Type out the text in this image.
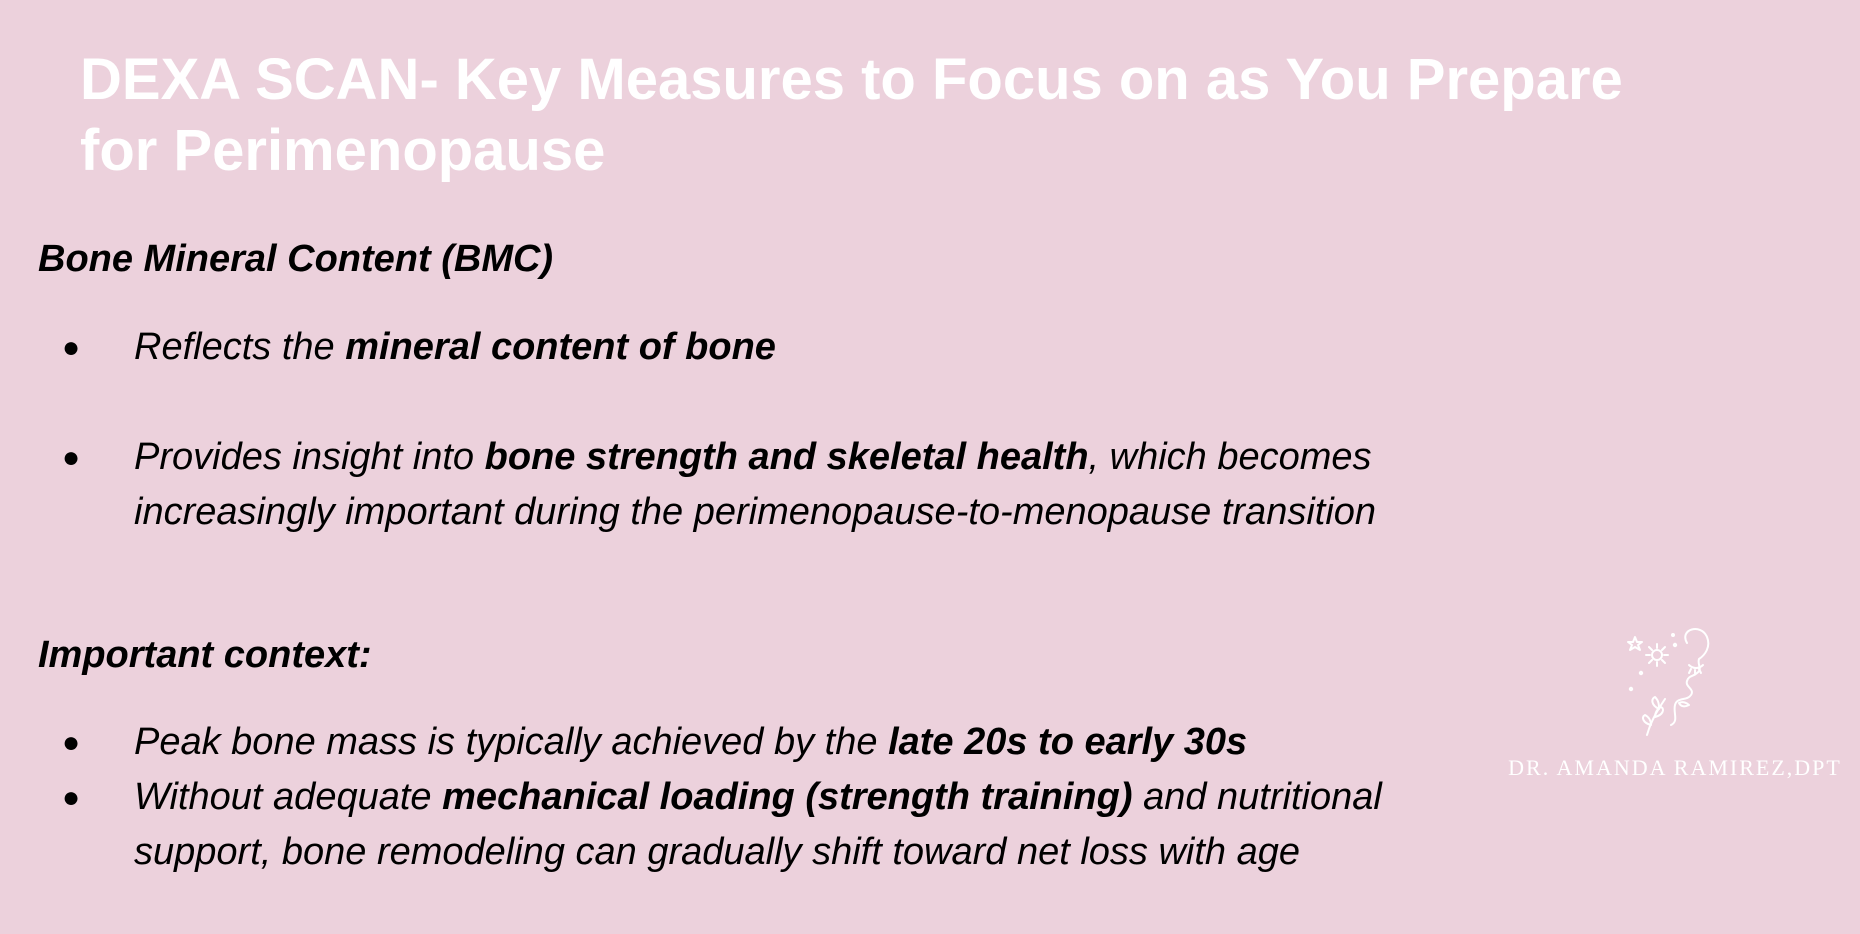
DEXA SCAN- Key Measures to Focus on as You Prepare
for Perimenopause
Bone Mineral Content (BMC)
●	Reflects the mineral content of bone
●	Provides insight into bone strength and skeletal health, which becomes increasingly important during the perimenopause-to-menopause transition
Important context:
●	Peak bone mass is typically achieved by the late 20s to early 30s
●	Without adequate mechanical loading (strength training) and nutritional support, bone remodeling can gradually shift toward net loss with age
DR. AMANDA RAMIREZ,DPT
